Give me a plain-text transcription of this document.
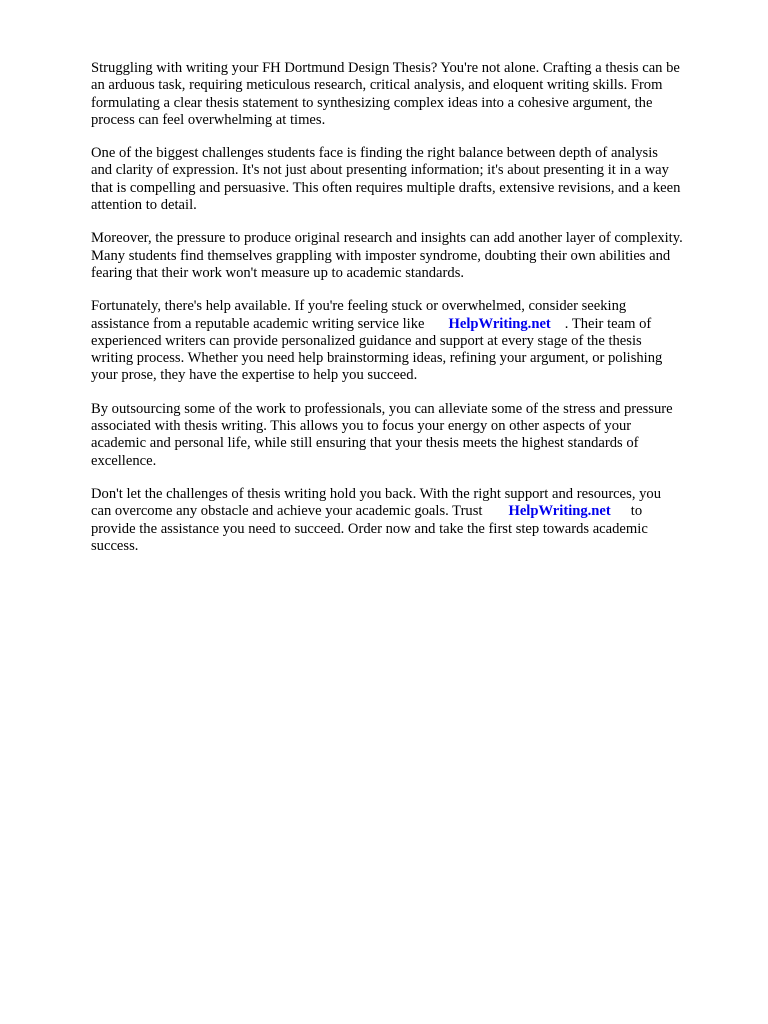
Struggling with writing your FH Dortmund Design Thesis? You're not alone. Crafting a thesis can be
an arduous task, requiring meticulous research, critical analysis, and eloquent writing skills. From
formulating a clear thesis statement to synthesizing complex ideas into a cohesive argument, the
process can feel overwhelming at times.

One of the biggest challenges students face is finding the right balance between depth of analysis
and clarity of expression. It's not just about presenting information; it's about presenting it in a way
that is compelling and persuasive. This often requires multiple drafts, extensive revisions, and a keen
attention to detail.

Moreover, the pressure to produce original research and insights can add another layer of complexity.
Many students find themselves grappling with imposter syndrome, doubting their own abilities and
fearing that their work won't measure up to academic standards.

Fortunately, there's help available. If you're feeling stuck or overwhelmed, consider seeking
assistance from a reputable academic writing service like HelpWriting.net . Their team of
experienced writers can provide personalized guidance and support at every stage of the thesis
writing process. Whether you need help brainstorming ideas, refining your argument, or polishing
your prose, they have the expertise to help you succeed.

By outsourcing some of the work to professionals, you can alleviate some of the stress and pressure
associated with thesis writing. This allows you to focus your energy on other aspects of your
academic and personal life, while still ensuring that your thesis meets the highest standards of
excellence.

Don't let the challenges of thesis writing hold you back. With the right support and resources, you
can overcome any obstacle and achieve your academic goals. Trust HelpWriting.net to
provide the assistance you need to succeed. Order now and take the first step towards academic
success.
